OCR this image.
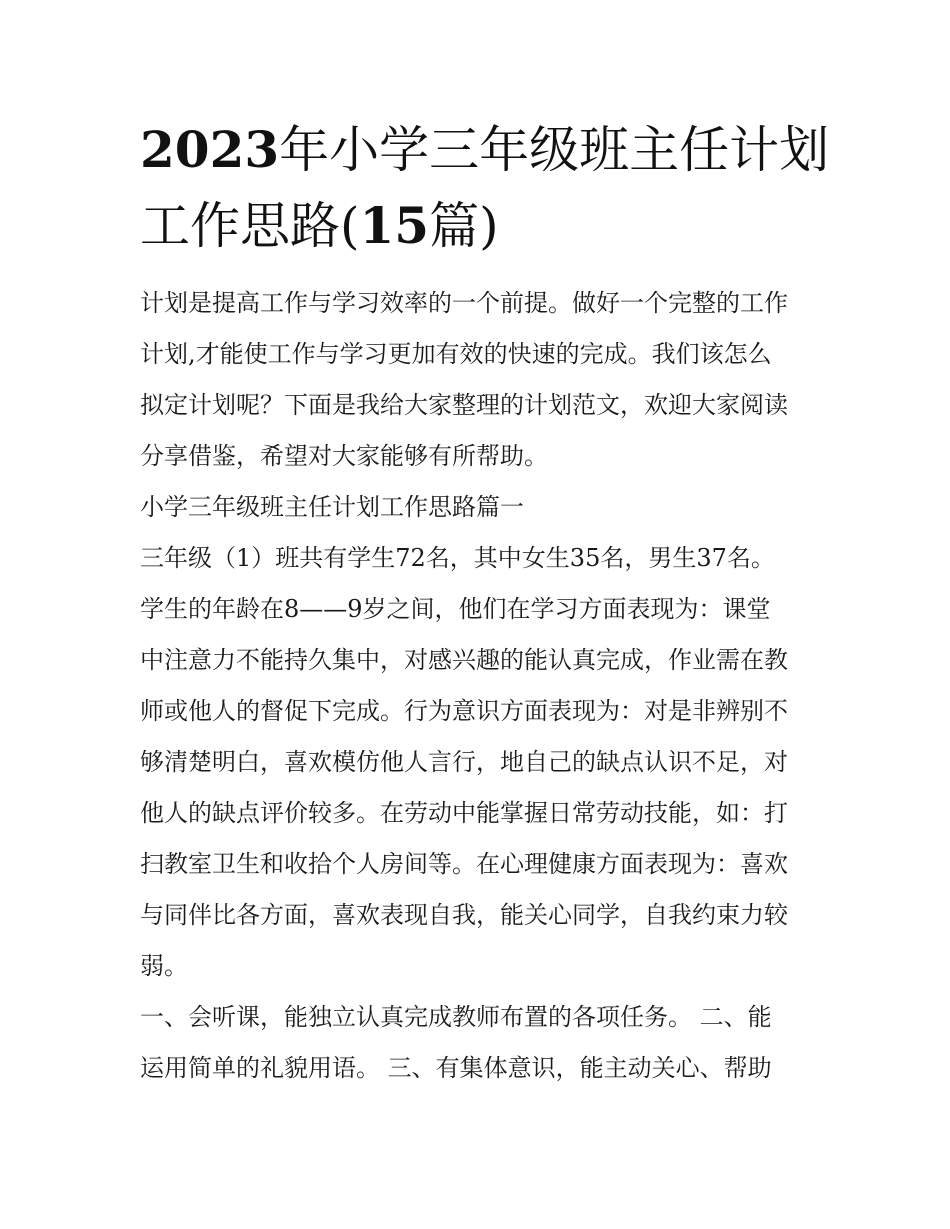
2023年小学三年级班主任计划
工作思路(15篇)
计划是提高工作与学习效率的一个前提。做好一个完整的工作
计划,才能使工作与学习更加有效的快速的完成。我们该怎么
拟定计划呢？下面是我给大家整理的计划范文，欢迎大家阅读
分享借鉴，希望对大家能够有所帮助。
小学三年级班主任计划工作思路篇一
三年级（1）班共有学生72名，其中女生35名，男生37名。
学生的年龄在8——9岁之间，他们在学习方面表现为：课堂
中注意力不能持久集中，对感兴趣的能认真完成，作业需在教
师或他人的督促下完成。行为意识方面表现为：对是非辨别不
够清楚明白，喜欢模仿他人言行，地自己的缺点认识不足，对
他人的缺点评价较多。在劳动中能掌握日常劳动技能，如：打
扫教室卫生和收拾个人房间等。在心理健康方面表现为：喜欢
与同伴比各方面，喜欢表现自我，能关心同学，自我约束力较
弱。
一、会听课，能独立认真完成教师布置的各项任务。 二、能
运用简单的礼貌用语。 三、有集体意识，能主动关心、帮助
